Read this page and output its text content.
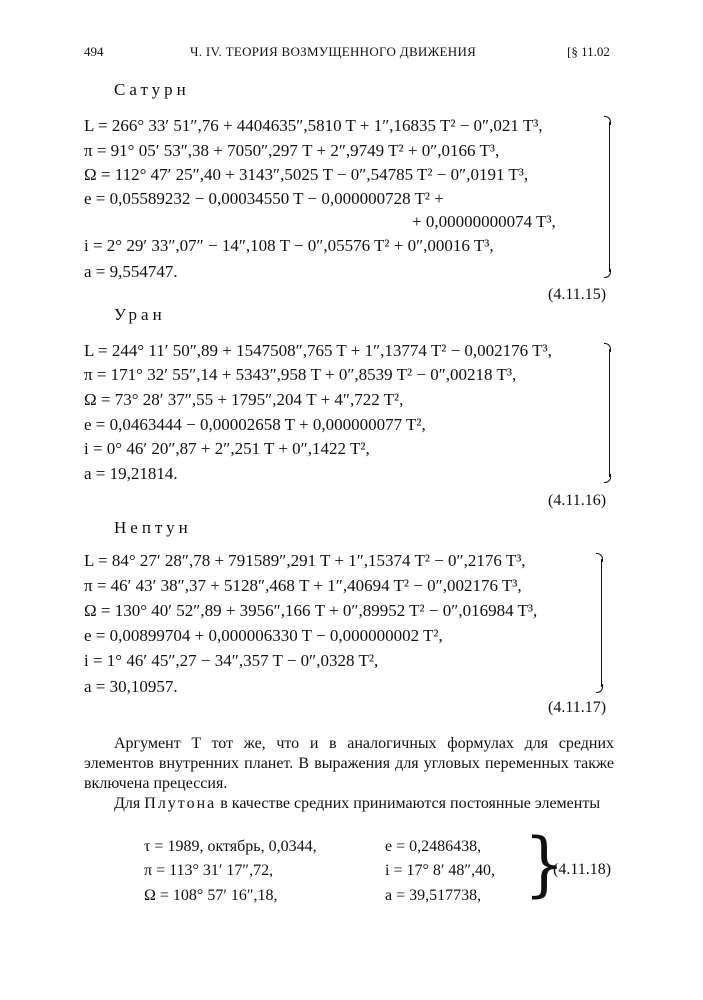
494	Ч. IV. ТЕОРИЯ ВОЗМУЩЕННОГО ДВИЖЕНИЯ	[§ 11.02
Сатурн
L = 266° 33′ 51″,76 + 4404635″,5810 T + 1″,16835 T² − 0″,021 T³,
π = 91° 05′ 53″,38 + 7050″,297 T + 2″,9749 T² + 0″,0166 T³,
Ω = 112° 47′ 25″,40 + 3143″,5025 T − 0″,54785 T² − 0″,0191 T³,
e = 0,05589232 − 0,00034550 T − 0,000000728 T² +
+ 0,00000000074 T³,
i = 2° 29′ 33″,07″ − 14″,108 T − 0″,05576 T² + 0″,00016 T³,
a = 9,554747.
(4.11.15)
Уран
L = 244° 11′ 50″,89 + 1547508″,765 T + 1″,13774 T² − 0,002176 T³,
π = 171° 32′ 55″,14 + 5343″,958 T + 0″,8539 T² − 0″,00218 T³,
Ω = 73° 28′ 37″,55 + 1795″,204 T + 4″,722 T²,
e = 0,0463444 − 0,00002658 T + 0,000000077 T²,
i = 0° 46′ 20″,87 + 2″,251 T + 0″,1422 T²,
a = 19,21814.
(4.11.16)
Нептун
L = 84° 27′ 28″,78 + 791589″,291 T + 1″,15374 T² − 0″,2176 T³,
π = 46′ 43′ 38″,37 + 5128″,468 T + 1″,40694 T² − 0″,002176 T³,
Ω = 130° 40′ 52″,89 + 3956″,166 T + 0″,89952 T² − 0″,016984 T³,
e = 0,00899704 + 0,000006330 T − 0,000000002 T²,
i = 1° 46′ 45″,27 − 34″,357 T − 0″,0328 T²,
a = 30,10957.
(4.11.17)

Аргумент T тот же, что и в аналогичных формулах для средних элементов внутренних планет. В выражения для угловых переменных также включена прецессия.

Для Плутона в качестве средних принимаются постоянные элементы

τ = 1989, октябрь, 0,0344,
π = 113° 31′ 17″,72,
Ω = 108° 57′ 16″,18,
e = 0,2486438,
i = 17° 8′ 48″,40,
a = 39,517738, }
(4.11.18)
